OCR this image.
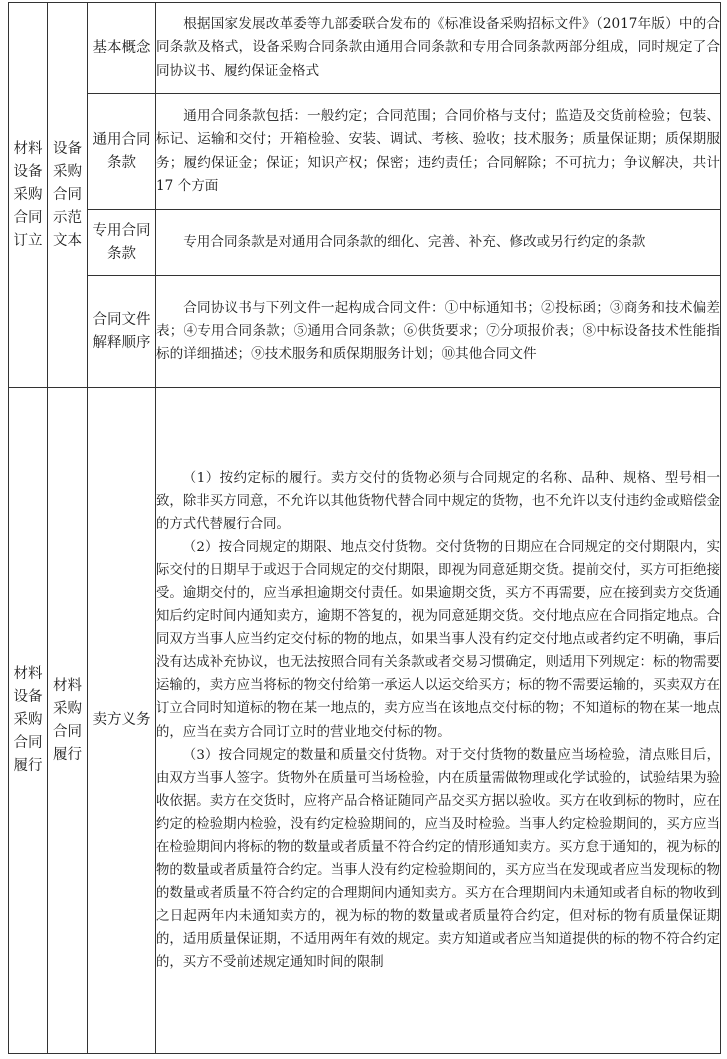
材料设备采购合同订立	设备采购合同示范文本	基本概念	根据国家发展改革委等九部委联合发布的《标准设备采购招标文件》（2017年版）中的合同条款及格式，设备采购合同条款由通用合同条款和专用合同条款两部分组成，同时规定了合同协议书、履约保证金格式

		通用合同条款	通用合同条款包括：一般约定；合同范围；合同价格与支付；监造及交货前检验；包装、标记、运输和交付；开箱检验、安装、调试、考核、验收；技术服务；质量保证期；质保期服务；履约保证金；保证；知识产权；保密；违约责任；合同解除；不可抗力；争议解决，共计 17 个方面

		专用合同条款	专用合同条款是对通用合同条款的细化、完善、补充、修改或另行约定的条款

		合同文件解释顺序	合同协议书与下列文件一起构成合同文件：①中标通知书；②投标函；③商务和技术偏差表；④专用合同条款；⑤通用合同条款；⑥供货要求；⑦分项报价表；⑧中标设备技术性能指标的详细描述；⑨技术服务和质保期服务计划；⑩其他合同文件

材料设备采购合同履行	材料采购合同履行	卖方义务	（1）按约定标的履行。卖方交付的货物必须与合同规定的名称、品种、规格、型号相一致，除非买方同意，不允许以其他货物代替合同中规定的货物，也不允许以支付违约金或赔偿金的方式代替履行合同。

（2）按合同规定的期限、地点交付货物。交付货物的日期应在合同规定的交付期限内，实际交付的日期早于或迟于合同规定的交付期限，即视为同意延期交货。提前交付，买方可拒绝接受。逾期交付的，应当承担逾期交付责任。如果逾期交货，买方不再需要，应在接到卖方交货通知后约定时间内通知卖方，逾期不答复的，视为同意延期交货。交付地点应在合同指定地点。合同双方当事人应当约定交付标的物的地点，如果当事人没有约定交付地点或者约定不明确，事后没有达成补充协议，也无法按照合同有关条款或者交易习惯确定，则适用下列规定：标的物需要运输的，卖方应当将标的物交付给第一承运人以运交给买方；标的物不需要运输的，买卖双方在订立合同时知道标的物在某一地点的，卖方应当在该地点交付标的物；不知道标的物在某一地点的，应当在卖方合同订立时的营业地交付标的物。

（3）按合同规定的数量和质量交付货物。对于交付货物的数量应当场检验，清点账目后，由双方当事人签字。货物外在质量可当场检验，内在质量需做物理或化学试验的，试验结果为验收依据。卖方在交货时，应将产品合格证随同产品交买方据以验收。买方在收到标的物时，应在约定的检验期内检验，没有约定检验期间的，应当及时检验。当事人约定检验期间的，买方应当在检验期间内将标的物的数量或者质量不符合约定的情形通知卖方。买方怠于通知的，视为标的物的数量或者质量符合约定。当事人没有约定检验期间的，买方应当在发现或者应当发现标的物的数量或者质量不符合约定的合理期间内通知卖方。买方在合理期间内未通知或者自标的物收到之日起两年内未通知卖方的，视为标的物的数量或者质量符合约定，但对标的物有质量保证期的，适用质量保证期，不适用两年有效的规定。卖方知道或者应当知道提供的标的物不符合约定的，买方不受前述规定通知时间的限制
